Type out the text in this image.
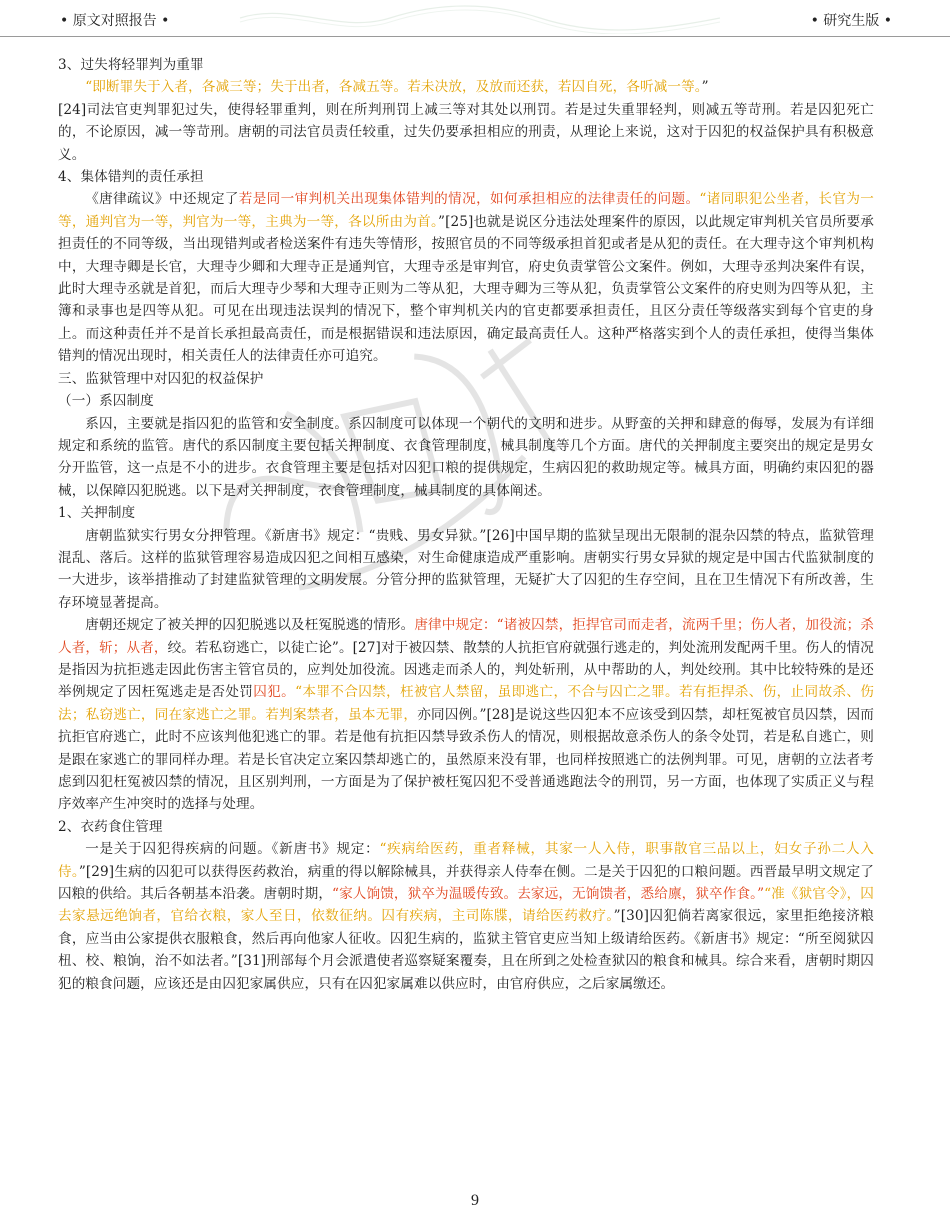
• 原文对照报告 •	• 研究生版 •

3、过失将轻罪判为重罪

“即断罪失于入者，各减三等；失于出者，各减五等。若未决放，及放而还获，若囚自死，各听减一等。”

[24]司法官吏判罪犯过失，使得轻罪重判，则在所判刑罚上减三等对其处以刑罚。若是过失重罪轻判，则减五等苛刑。若是囚犯死亡的，不论原因，减一等苛刑。唐朝的司法官员责任较重，过失仍要承担相应的刑责，从理论上来说，这对于囚犯的权益保护具有积极意义。

4、集体错判的责任承担

《唐律疏议》中还规定了若是同一审判机关出现集体错判的情况，如何承担相应的法律责任的问题。“诸同职犯公坐者，长官为一等，通判官为一等，判官为一等，主典为一等，各以所由为首。”[25]也就是说区分违法处理案件的原因，以此规定审判机关官员所要承担责任的不同等级，当出现错判或者检送案件有违失等情形，按照官员的不同等级承担首犯或者是从犯的责任。在大理寺这个审判机构中，大理寺卿是长官，大理寺少卿和大理寺正是通判官，大理寺丞是审判官，府史负责掌管公文案件。例如，大理寺丞判决案件有误，此时大理寺丞就是首犯，而后大理寺少琴和大理寺正则为二等从犯，大理寺卿为三等从犯，负责掌管公文案件的府史则为四等从犯，主簿和录事也是四等从犯。可见在出现违法误判的情况下，整个审判机关内的官吏都要承担责任，且区分责任等级落实到每个官吏的身上。而这种责任并不是首长承担最高责任，而是根据错误和违法原因，确定最高责任人。这种严格落实到个人的责任承担，使得当集体错判的情况出现时，相关责任人的法律责任亦可追究。

三、监狱管理中对囚犯的权益保护

（一）系囚制度

系囚，主要就是指囚犯的监管和安全制度。系囚制度可以体现一个朝代的文明和进步。从野蛮的关押和肆意的侮辱，发展为有详细规定和系统的监管。唐代的系囚制度主要包括关押制度、衣食管理制度，械具制度等几个方面。唐代的关押制度主要突出的规定是男女分开监管，这一点是不小的进步。衣食管理主要是包括对囚犯口粮的提供规定，生病囚犯的救助规定等。械具方面，明确约束囚犯的器械，以保障囚犯脱逃。以下是对关押制度，衣食管理制度，械具制度的具体阐述。

1、关押制度

唐朝监狱实行男女分押管理。《新唐书》规定：“贵贱、男女异狱。”[26]中国早期的监狱呈现出无限制的混杂囚禁的特点，监狱管理混乱、落后。这样的监狱管理容易造成囚犯之间相互感染，对生命健康造成严重影响。唐朝实行男女异狱的规定是中国古代监狱制度的一大进步，该举措推动了封建监狱管理的文明发展。分管分押的监狱管理，无疑扩大了囚犯的生存空间，且在卫生情况下有所改善，生存环境显著提高。

唐朝还规定了被关押的囚犯脱逃以及枉冤脱逃的情形。唐律中规定：“诸被囚禁，拒捍官司而走者，流两千里；伤人者，加役流；杀人者，斩；从者，绞。若私窃逃亡，以徒亡论”。[27]对于被囚禁、散禁的人抗拒官府就强行逃走的，判处流刑发配两千里。伤人的情况是指因为抗拒逃走因此伤害主管官员的，应判处加役流。因逃走而杀人的，判处斩刑，从中帮助的人，判处绞刑。其中比较特殊的是还举例规定了因枉冤逃走是否处罚囚犯。“本罪不合囚禁，枉被官人禁留，虽即逃亡，不合与囚亡之罪。若有拒捍杀、伤，止同故杀、伤法；私窃逃亡，同在家逃亡之罪。若判案禁者，虽本无罪，亦同囚例。”[28]是说这些囚犯本不应该受到囚禁，却枉冤被官员囚禁，因而抗拒官府逃亡，此时不应该判他犯逃亡的罪。若是他有抗拒囚禁导致杀伤人的情况，则根据故意杀伤人的条令处罚，若是私自逃亡，则是跟在家逃亡的罪同样办理。若是长官决定立案囚禁却逃亡的，虽然原来没有罪，也同样按照逃亡的法例判罪。可见，唐朝的立法者考虑到囚犯枉冤被囚禁的情况，且区别判刑，一方面是为了保护被枉冤囚犯不受普通逃跑法令的刑罚，另一方面，也体现了实质正义与程序效率产生冲突时的选择与处理。

2、衣药食住管理

一是关于囚犯得疾病的问题。《新唐书》规定：“疾病给医药，重者释械，其家一人入侍，职事散官三品以上，妇女子孙二人入侍。”[29]生病的囚犯可以获得医药救治，病重的得以解除械具，并获得亲人侍奉在侧。二是关于囚犯的口粮问题。西晋最早明文规定了囚粮的供给。其后各朝基本沿袭。唐朝时期，“家人饷馈，狱卒为温暖传致。去家远，无饷馈者，悉给廪，狱卒作食。”“准《狱官令》，囚去家悬远绝饷者，官给衣粮，家人至日，依数征纳。囚有疾病，主司陈牒，请给医药救疗。”[30]囚犯倘若离家很远，家里拒绝接济粮食，应当由公家提供衣服粮食，然后再向他家人征收。囚犯生病的，监狱主管官吏应当知上级请给医药。《新唐书》规定：“所至阅狱囚杻、校、粮饷，治不如法者。”[31]刑部每个月会派遣使者巡察疑案覆奏，且在所到之处检查狱囚的粮食和械具。综合来看，唐朝时期囚犯的粮食问题，应该还是由囚犯家属供应，只有在囚犯家属难以供应时，由官府供应，之后家属缴还。

9
